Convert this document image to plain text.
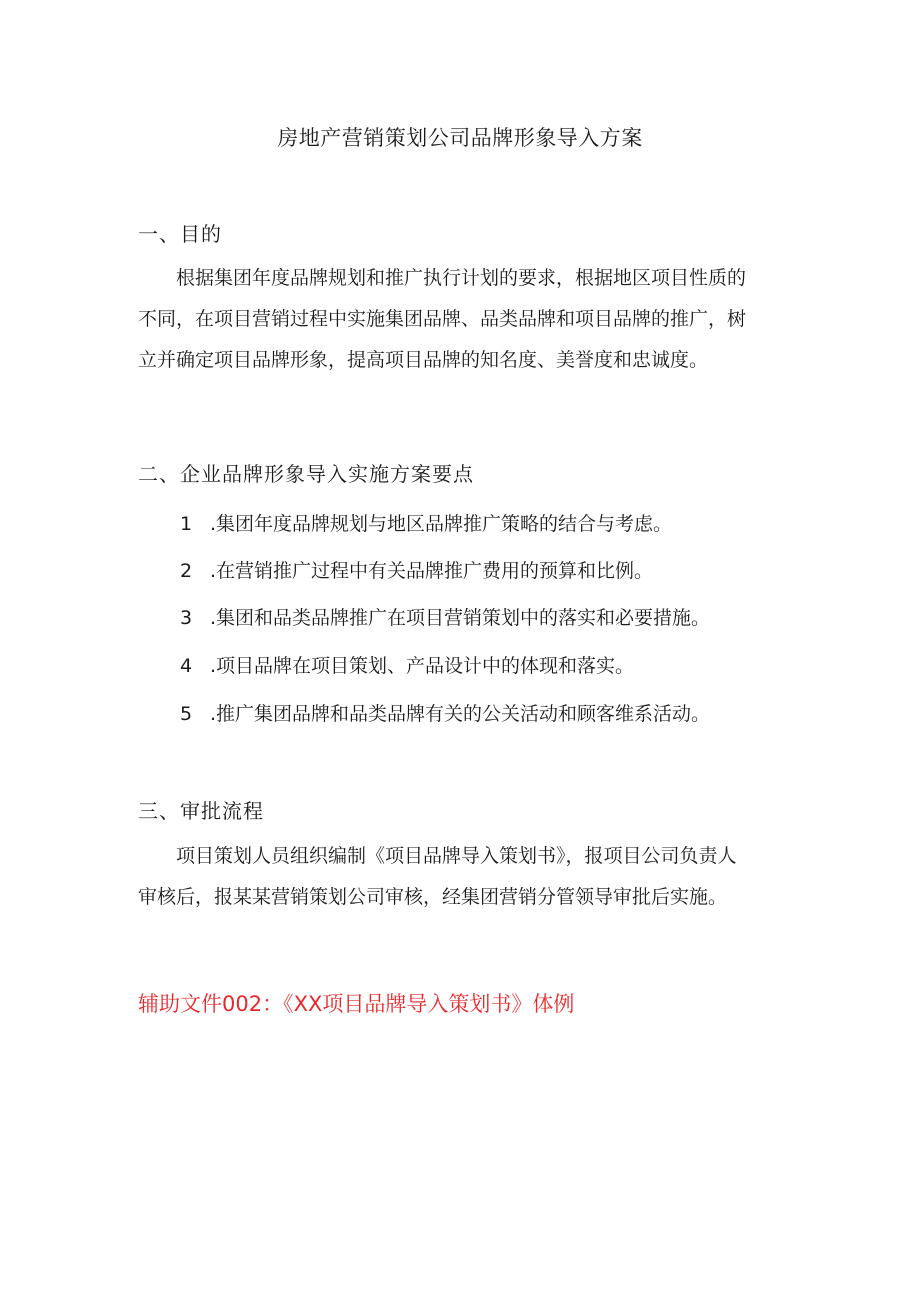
房地产营销策划公司品牌形象导入方案
一、目的
　　根据集团年度品牌规划和推广执行计划的要求，根据地区项目性质的
不同，在项目营销过程中实施集团品牌、品类品牌和项目品牌的推广，树
立并确定项目品牌形象，提高项目品牌的知名度、美誉度和忠诚度。
二、企业品牌形象导入实施方案要点
1 .集团年度品牌规划与地区品牌推广策略的结合与考虑。
2 .在营销推广过程中有关品牌推广费用的预算和比例。
3 .集团和品类品牌推广在项目营销策划中的落实和必要措施。
4 .项目品牌在项目策划、产品设计中的体现和落实。
5 .推广集团品牌和品类品牌有关的公关活动和顾客维系活动。
三、审批流程
　　项目策划人员组织编制《项目品牌导入策划书》，报项目公司负责人
审核后，报某某营销策划公司审核，经集团营销分管领导审批后实施。
辅助文件002：《XX项目品牌导入策划书》体例
